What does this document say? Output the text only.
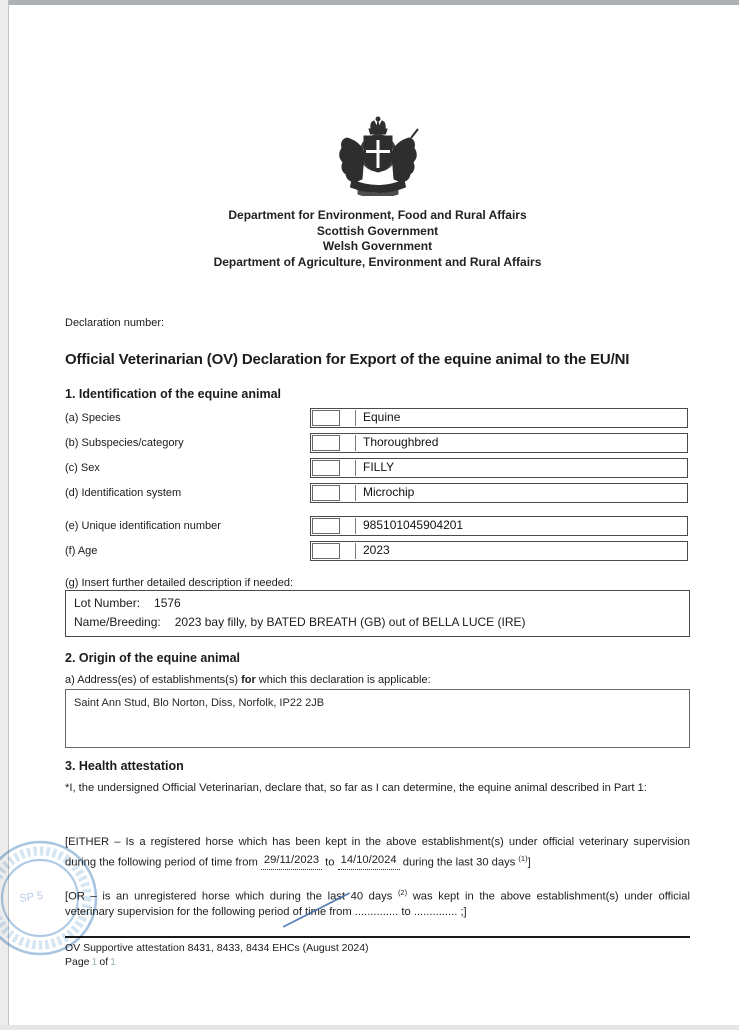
Department for Environment, Food and Rural Affairs
Scottish Government
Welsh Government
Department of Agriculture, Environment and Rural Affairs
Declaration number:
Official Veterinarian (OV) Declaration for Export of the equine animal to the EU/NI
1. Identification of the equine animal
(a) Species	Equine
(b) Subspecies/category	Thoroughbred
(c) Sex	FILLY
(d) Identification system	Microchip
(e) Unique identification number	985101045904201
(f) Age	2023
(g) Insert further detailed description if needed:
Lot Number: 1576
Name/Breeding: 2023 bay filly, by BATED BREATH (GB) out of BELLA LUCE (IRE)
2. Origin of the equine animal
a) Address(es) of establishments(s) for which this declaration is applicable:
Saint Ann Stud, Blo Norton, Diss, Norfolk, IP22 2JB
3. Health attestation
*I, the undersigned Official Veterinarian, declare that, so far as I can determine, the equine animal described in Part 1:
[EITHER – Is a registered horse which has been kept in the above establishment(s) under official veterinary supervision during the following period of time from 29/11/2023 to 14/10/2024 during the last 30 days $^{(1)}$]
[OR – is an unregistered horse which during the last 40 days $^{(2)}$ was kept in the above establishment(s) under official veterinary supervision for the following period of time from .............. to .............. ;]
OV Supportive attestation 8431, 8433, 8434 EHCs (August 2024)
Page 1 of 1
SP 5
